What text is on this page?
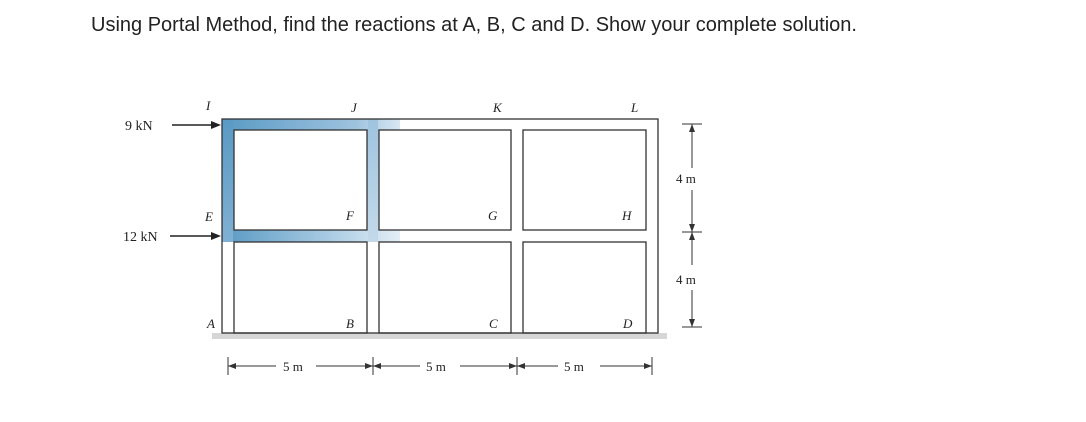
Using Portal Method, find the reactions at A, B, C and D. Show your complete solution.
9 kN
12 kN
I	J	K	L
E	F	G	H
A	B	C	D
5 m	5 m	5 m
4 m
4 m
